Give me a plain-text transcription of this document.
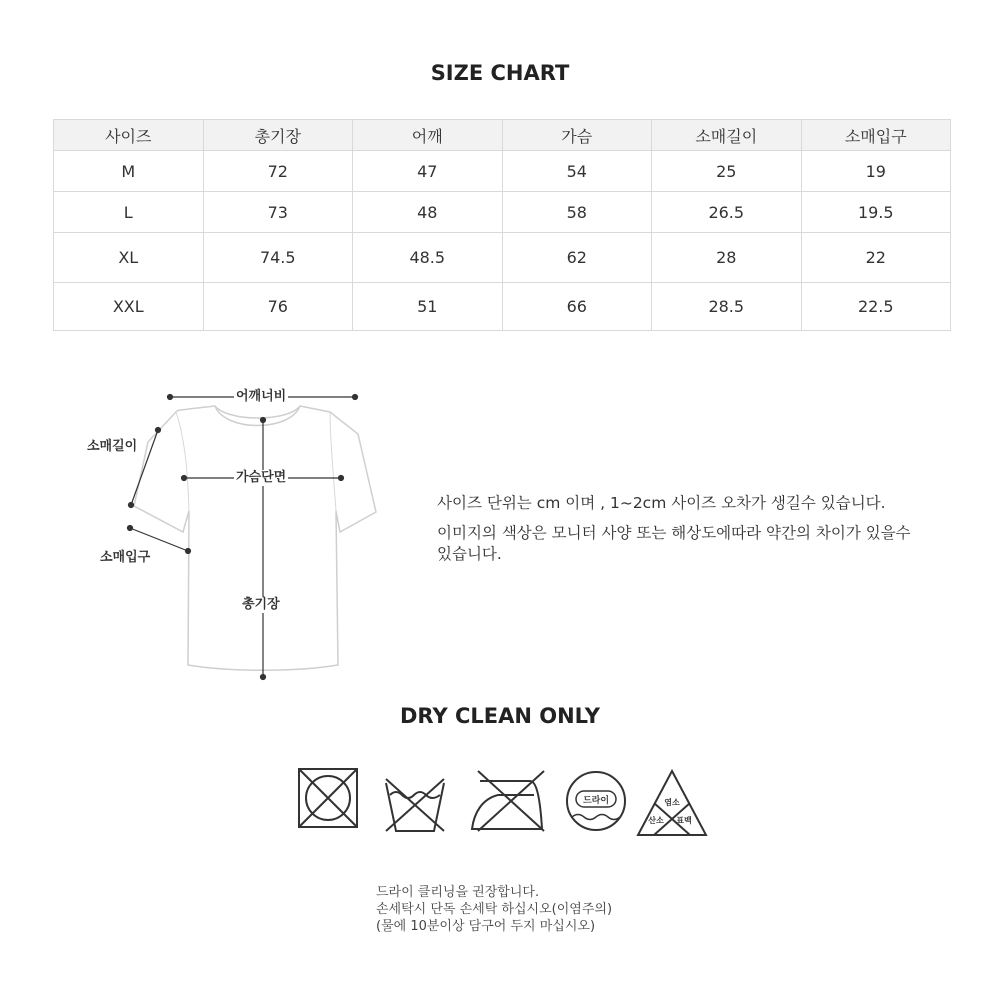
SIZE CHART
사이즈	총기장	어깨	가슴	소매길이	소매입구
M	72	47	54	25	19
L	73	48	58	26.5	19.5
XL	74.5	48.5	62	28	22
XXL	76	51	66	28.5	22.5
어깨너비
가슴단면
총기장
소매길이
소매입구

사이즈 단위는 cm 이며 , 1~2cm 사이즈 오차가 생길수 있습니다.

이미지의 색상은 모니터 사양 또는 해상도에따라 약간의 차이가 있을수 있습니다.

DRY CLEAN ONLY
드라이	염소
산소 표백
드라이 클리닝을 권장합니다.
손세탁시 단독 손세탁 하십시오(이염주의)
(물에 10분이상 담구어 두지 마십시오)
